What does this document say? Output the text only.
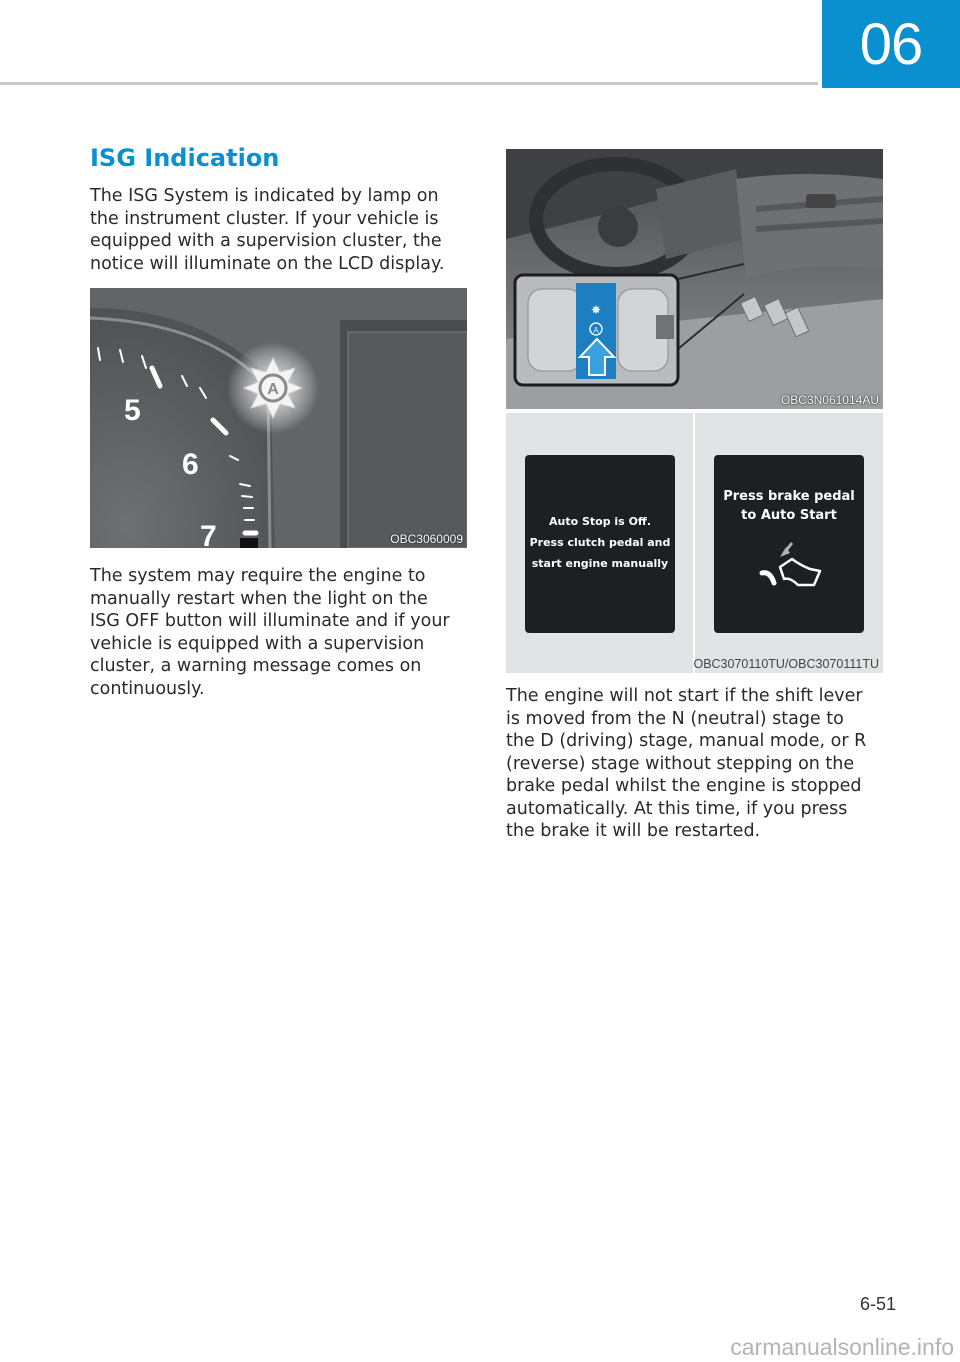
06
ISG Indication
The ISG System is indicated by lamp on
the instrument cluster. If your vehicle is
equipped with a supervision cluster, the
notice will illuminate on the LCD display.
5
6
7
A
OBC3060009
The system may require the engine to
manually restart when the light on the
ISG OFF button will illuminate and if your
vehicle is equipped with a supervision
cluster, a warning message comes on
continuously.
✸
A
OBC3N061014AU
Auto Stop is Off.
Press clutch pedal and
start engine manually
Press brake pedal
to Auto Start
OBC3070110TU/OBC3070111TU
The engine will not start if the shift lever
is moved from the N (neutral) stage to
the D (driving) stage, manual mode, or R
(reverse) stage without stepping on the
brake pedal whilst the engine is stopped
automatically. At this time, if you press
the brake it will be restarted.
6-51
carmanualsonline.info
